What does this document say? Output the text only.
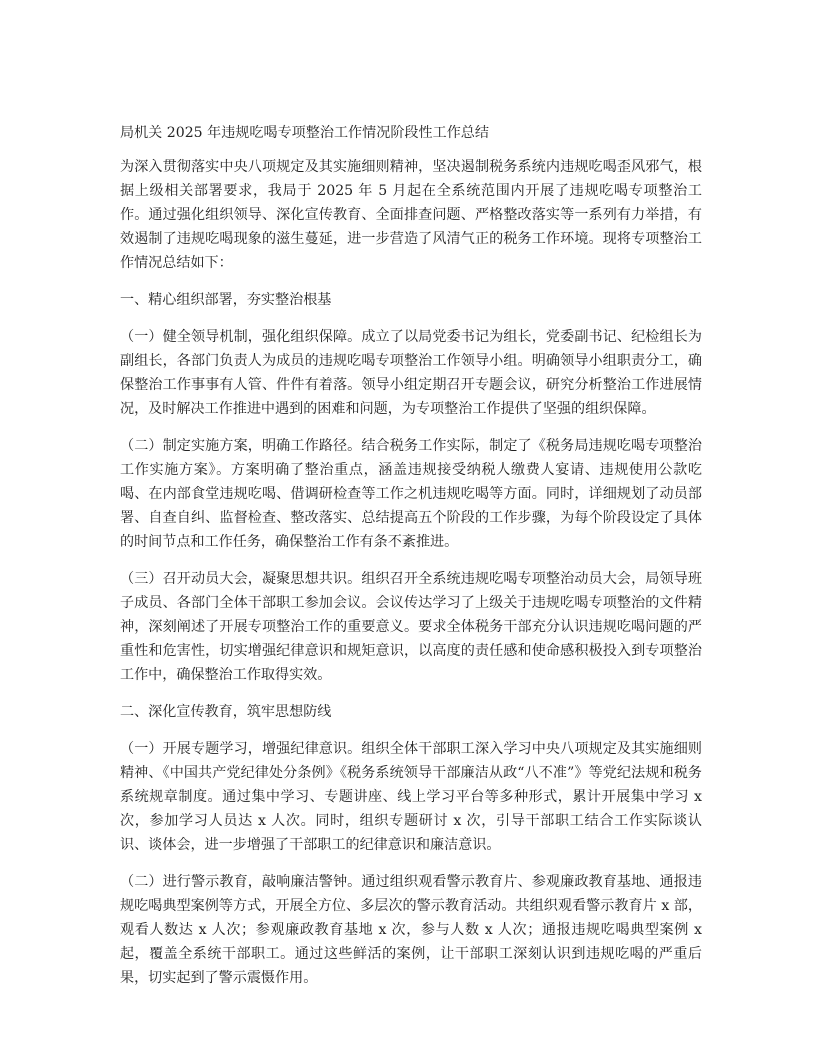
局机关 2025 年违规吃喝专项整治工作情况阶段性工作总结

为深入贯彻落实中央八项规定及其实施细则精神，坚决遏制税务系统内违规吃喝歪风邪气，根据上级相关部署要求，我局于 2025 年 5 月起在全系统范围内开展了违规吃喝专项整治工作。通过强化组织领导、深化宣传教育、全面排查问题、严格整改落实等一系列有力举措，有效遏制了违规吃喝现象的滋生蔓延，进一步营造了风清气正的税务工作环境。现将专项整治工作情况总结如下：

一、精心组织部署，夯实整治根基

（一）健全领导机制，强化组织保障。成立了以局党委书记为组长，党委副书记、纪检组长为副组长，各部门负责人为成员的违规吃喝专项整治工作领导小组。明确领导小组职责分工，确保整治工作事事有人管、件件有着落。领导小组定期召开专题会议，研究分析整治工作进展情况，及时解决工作推进中遇到的困难和问题，为专项整治工作提供了坚强的组织保障。

（二）制定实施方案，明确工作路径。结合税务工作实际，制定了《税务局违规吃喝专项整治工作实施方案》。方案明确了整治重点，涵盖违规接受纳税人缴费人宴请、违规使用公款吃喝、在内部食堂违规吃喝、借调研检查等工作之机违规吃喝等方面。同时，详细规划了动员部署、自查自纠、监督检查、整改落实、总结提高五个阶段的工作步骤，为每个阶段设定了具体的时间节点和工作任务，确保整治工作有条不紊推进。

（三）召开动员大会，凝聚思想共识。组织召开全系统违规吃喝专项整治动员大会，局领导班子成员、各部门全体干部职工参加会议。会议传达学习了上级关于违规吃喝专项整治的文件精神，深刻阐述了开展专项整治工作的重要意义。要求全体税务干部充分认识违规吃喝问题的严重性和危害性，切实增强纪律意识和规矩意识，以高度的责任感和使命感积极投入到专项整治工作中，确保整治工作取得实效。

二、深化宣传教育，筑牢思想防线

（一）开展专题学习，增强纪律意识。组织全体干部职工深入学习中央八项规定及其实施细则精神、《中国共产党纪律处分条例》《税务系统领导干部廉洁从政“八不准”》等党纪法规和税务系统规章制度。通过集中学习、专题讲座、线上学习平台等多种形式，累计开展集中学习 x 次，参加学习人员达 x 人次。同时，组织专题研讨 x 次，引导干部职工结合工作实际谈认识、谈体会，进一步增强了干部职工的纪律意识和廉洁意识。

（二）进行警示教育，敲响廉洁警钟。通过组织观看警示教育片、参观廉政教育基地、通报违规吃喝典型案例等方式，开展全方位、多层次的警示教育活动。共组织观看警示教育片 x 部，观看人数达 x 人次；参观廉政教育基地 x 次，参与人数 x 人次；通报违规吃喝典型案例 x 起，覆盖全系统干部职工。通过这些鲜活的案例，让干部职工深刻认识到违规吃喝的严重后果，切实起到了警示震慑作用。
